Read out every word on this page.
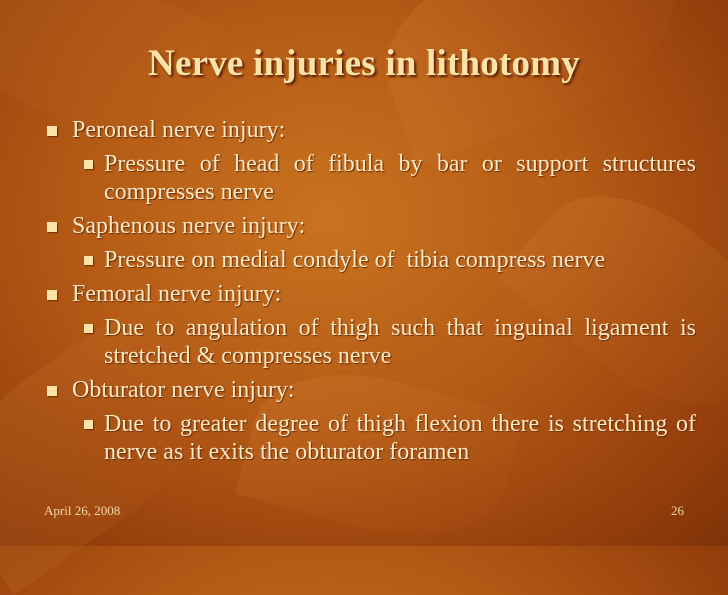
Nerve injuries in lithotomy
Peroneal nerve injury:
Pressure of head of fibula by bar or support structures compresses nerve
Saphenous nerve injury:
Pressure on medial condyle of  tibia compress nerve
Femoral nerve injury:
Due to angulation of thigh such that inguinal ligament is stretched & compresses nerve
Obturator nerve injury:
Due to greater degree of thigh flexion there is stretching of nerve as it exits the obturator foramen
April 26, 2008	26
